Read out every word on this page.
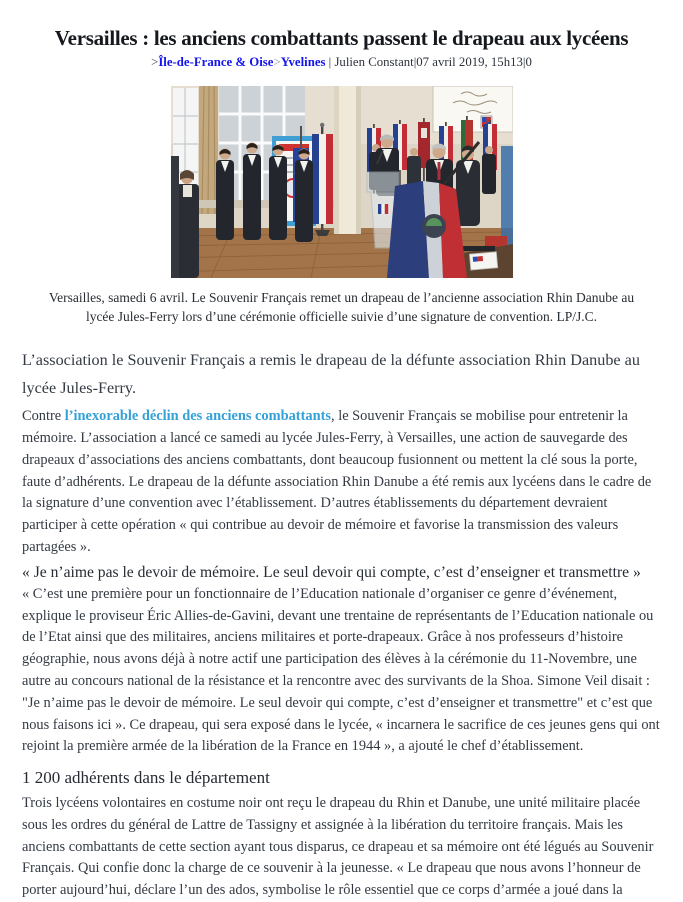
Versailles : les anciens combattants passent le drapeau aux lycéens
>Île-de-France & Oise>Yvelines | Julien Constant|07 avril 2019, 15h13|0
Versailles, samedi 6 avril. Le Souvenir Français remet un drapeau de l’ancienne association Rhin Danube au lycée Jules-Ferry lors d’une cérémonie officielle suivie d’une signature de convention. LP/J.C.

L’association le Souvenir Français a remis le drapeau de la défunte association Rhin Danube au lycée Jules-Ferry.

Contre l’inexorable déclin des anciens combattants, le Souvenir Français se mobilise pour entretenir la mémoire. L’association a lancé ce samedi au lycée Jules-Ferry, à Versailles, une action de sauvegarde des drapeaux d’associations des anciens combattants, dont beaucoup fusionnent ou mettent la clé sous la porte, faute d’adhérents. Le drapeau de la défunte association Rhin Danube a été remis aux lycéens dans le cadre de la signature d’une convention avec l’établissement. D’autres établissements du département devraient participer à cette opération « qui contribue au devoir de mémoire et favorise la transmission des valeurs partagées ».

« Je n’aime pas le devoir de mémoire. Le seul devoir qui compte, c’est d’enseigner et transmettre »

« C’est une première pour un fonctionnaire de l’Education nationale d’organiser ce genre d’événement, explique le proviseur Éric Allies-de-Gavini, devant une trentaine de représentants de l’Education nationale ou de l’Etat ainsi que des militaires, anciens militaires et porte-drapeaux. Grâce à nos professeurs d’histoire géographie, nous avons déjà à notre actif une participation des élèves à la cérémonie du 11-Novembre, une autre au concours national de la résistance et la rencontre avec des survivants de la Shoa. Simone Veil disait : "Je n’aime pas le devoir de mémoire. Le seul devoir qui compte, c’est d’enseigner et transmettre" et c’est que nous faisons ici ». Ce drapeau, qui sera exposé dans le lycée, « incarnera le sacrifice de ces jeunes gens qui ont rejoint la première armée de la libération de la France en 1944 », a ajouté le chef d’établissement.

1 200 adhérents dans le département

Trois lycéens volontaires en costume noir ont reçu le drapeau du Rhin et Danube, une unité militaire placée sous les ordres du général de Lattre de Tassigny et assignée à la libération du territoire français. Mais les anciens combattants de cette section ayant tous disparus, ce drapeau et sa mémoire ont été légués au Souvenir Français. Qui confie donc la charge de ce souvenir à la jeunesse. « Le drapeau que nous avons l’honneur de porter aujourd’hui, déclare l’un des ados, symbolise le rôle essentiel que ce corps d’armée a joué dans la
